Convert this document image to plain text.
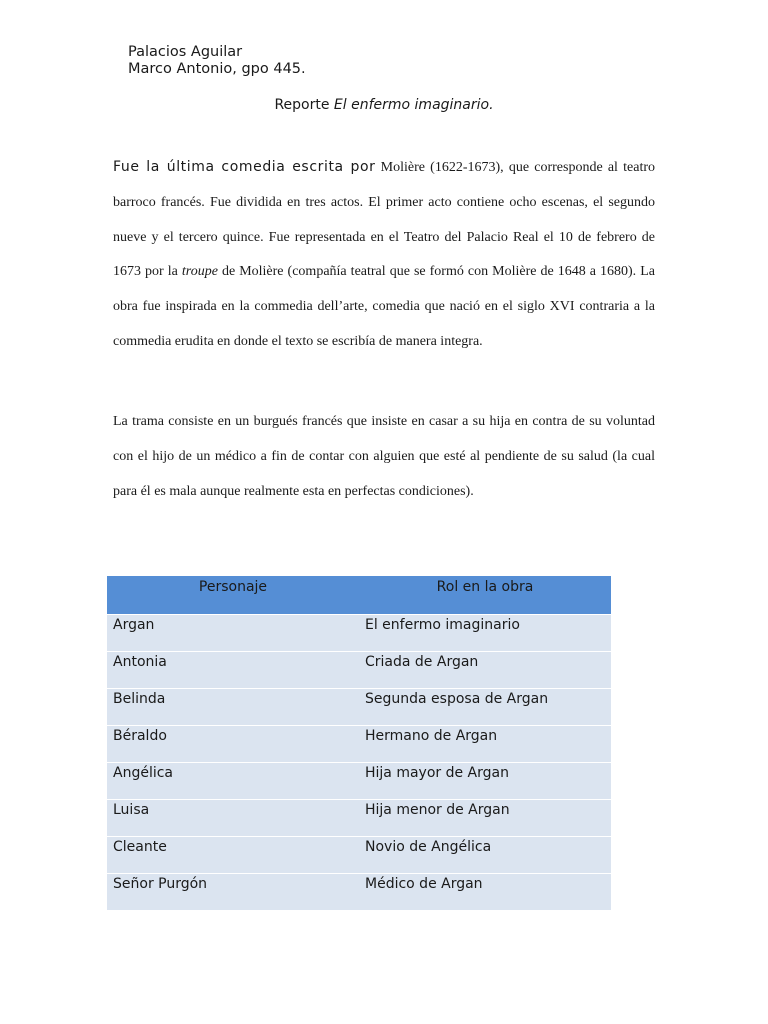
Palacios Aguilar
Marco Antonio, gpo 445.
Reporte El enfermo imaginario.
Fue la última comedia escrita por Molière (1622-1673), que corresponde al teatro barroco francés. Fue dividida en tres actos. El primer acto contiene ocho escenas, el segundo nueve y el tercero quince. Fue representada en el Teatro del Palacio Real el 10 de febrero de 1673 por la troupe de Molière (compañía teatral que se formó con Molière de 1648 a 1680). La obra fue inspirada en la commedia dell’arte, comedia que nació en el siglo XVI contraria a la commedia erudita en donde el texto se escribía de manera integra.
La trama consiste en un burgués francés que insiste en casar a su hija en contra de su voluntad con el hijo de un médico a fin de contar con alguien que esté al pendiente de su salud (la cual para él es mala aunque realmente esta en perfectas condiciones).
Personaje	Rol en la obra
Argan	El enfermo imaginario
Antonia	Criada de Argan
Belinda	Segunda esposa de Argan
Béraldo	Hermano de Argan
Angélica	Hija mayor de Argan
Luisa	Hija menor de Argan
Cleante	Novio de Angélica
Señor Purgón	Médico de Argan
